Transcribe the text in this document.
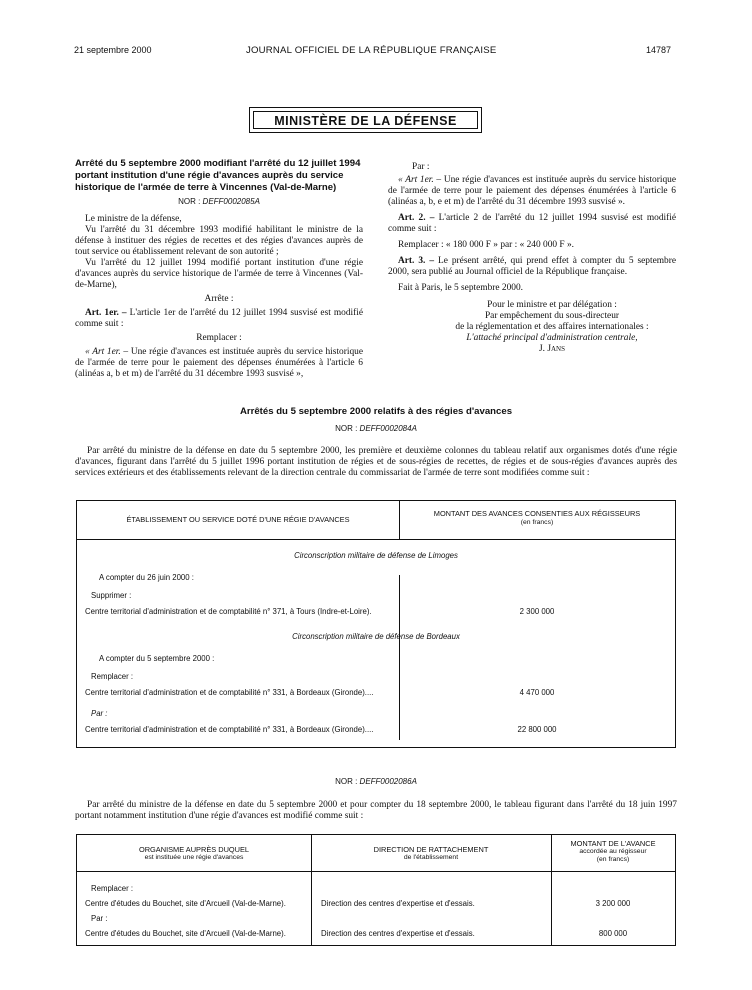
21 septembre 2000	JOURNAL OFFICIEL DE LA RÉPUBLIQUE FRANÇAISE	14787
MINISTÈRE DE LA DÉFENSE

Arrêté du 5 septembre 2000 modifiant l'arrêté du 12 juillet 1994 portant institution d'une régie d'avances auprès du service historique de l'armée de terre à Vincennes (Val-de-Marne)

NOR : DEFF0002085A

Le ministre de la défense,

Vu l'arrêté du 31 décembre 1993 modifié habilitant le ministre de la défense à instituer des régies de recettes et des régies d'avances auprès de tout service ou établissement relevant de son autorité ;

Vu l'arrêté du 12 juillet 1994 modifié portant institution d'une régie d'avances auprès du service historique de l'armée de terre à Vincennes (Val-de-Marne),

Arrête :

Art. 1er. – L'article 1er de l'arrêté du 12 juillet 1994 susvisé est modifié comme suit :

Remplacer :

« Art 1er. – Une régie d'avances est instituée auprès du service historique de l'armée de terre pour le paiement des dépenses énumérées à l'article 6 (alinéas a, b et m) de l'arrêté du 31 décembre 1993 susvisé »,

Par :

« Art 1er. – Une régie d'avances est instituée auprès du service historique de l'armée de terre pour le paiement des dépenses énumérées à l'article 6 (alinéas a, b, e et m) de l'arrêté du 31 décembre 1993 susvisé ».

Art. 2. – L'article 2 de l'arrêté du 12 juillet 1994 susvisé est modifié comme suit :

Remplacer : « 180 000 F » par : « 240 000 F ».

Art. 3. – Le présent arrêté, qui prend effet à compter du 5 septembre 2000, sera publié au Journal officiel de la République française.

Fait à Paris, le 5 septembre 2000.

Pour le ministre et par délégation :

Par empêchement du sous-directeur

de la réglementation et des affaires internationales :

L'attaché principal d'administration centrale,

J. Jans

Arrêtés du 5 septembre 2000 relatifs à des régies d'avances
NOR : DEFF0002084A
Par arrêté du ministre de la défense en date du 5 septembre 2000, les première et deuxième colonnes du tableau relatif aux organismes dotés d'une régie d'avances, figurant dans l'arrêté du 5 juillet 1996 portant institution de régies et de sous-régies de recettes, de régies et de sous-régies d'avances auprès des services extérieurs et des établissements relevant de la direction centrale du commissariat de l'armée de terre sont modifiées comme suit :
ÉTABLISSEMENT OU SERVICE DOTÉ D'UNE RÉGIE D'AVANCES
MONTANT DES AVANCES CONSENTIES AUX RÉGISSEURS
(en francs)
Circonscription militaire de défense de Limoges
A compter du 26 juin 2000 :
Supprimer :
Centre territorial d'administration et de comptabilité n° 371, à Tours (Indre-et-Loire).	2 300 000
Circonscription militaire de défense de Bordeaux
A compter du 5 septembre 2000 :
Remplacer :
Centre territorial d'administration et de comptabilité n° 331, à Bordeaux (Gironde)....	4 470 000
Par :
Centre territorial d'administration et de comptabilité n° 331, à Bordeaux (Gironde)....	22 800 000
NOR : DEFF0002086A
Par arrêté du ministre de la défense en date du 5 septembre 2000 et pour compter du 18 septembre 2000, le tableau figurant dans l'arrêté du 18 juin 1997 portant notamment institution d'une régie d'avances est modifié comme suit :
ORGANISME AUPRÈS DUQUEL
est instituée une régie d'avances
DIRECTION DE RATTACHEMENT
de l'établissement
MONTANT DE L'AVANCE
accordée au régisseur
(en francs)
Remplacer :
Centre d'études du Bouchet, site d'Arcueil (Val-de-Marne).	Direction des centres d'expertise et d'essais.	3 200 000
Par :
Centre d'études du Bouchet, site d'Arcueil (Val-de-Marne).	Direction des centres d'expertise et d'essais.	800 000
